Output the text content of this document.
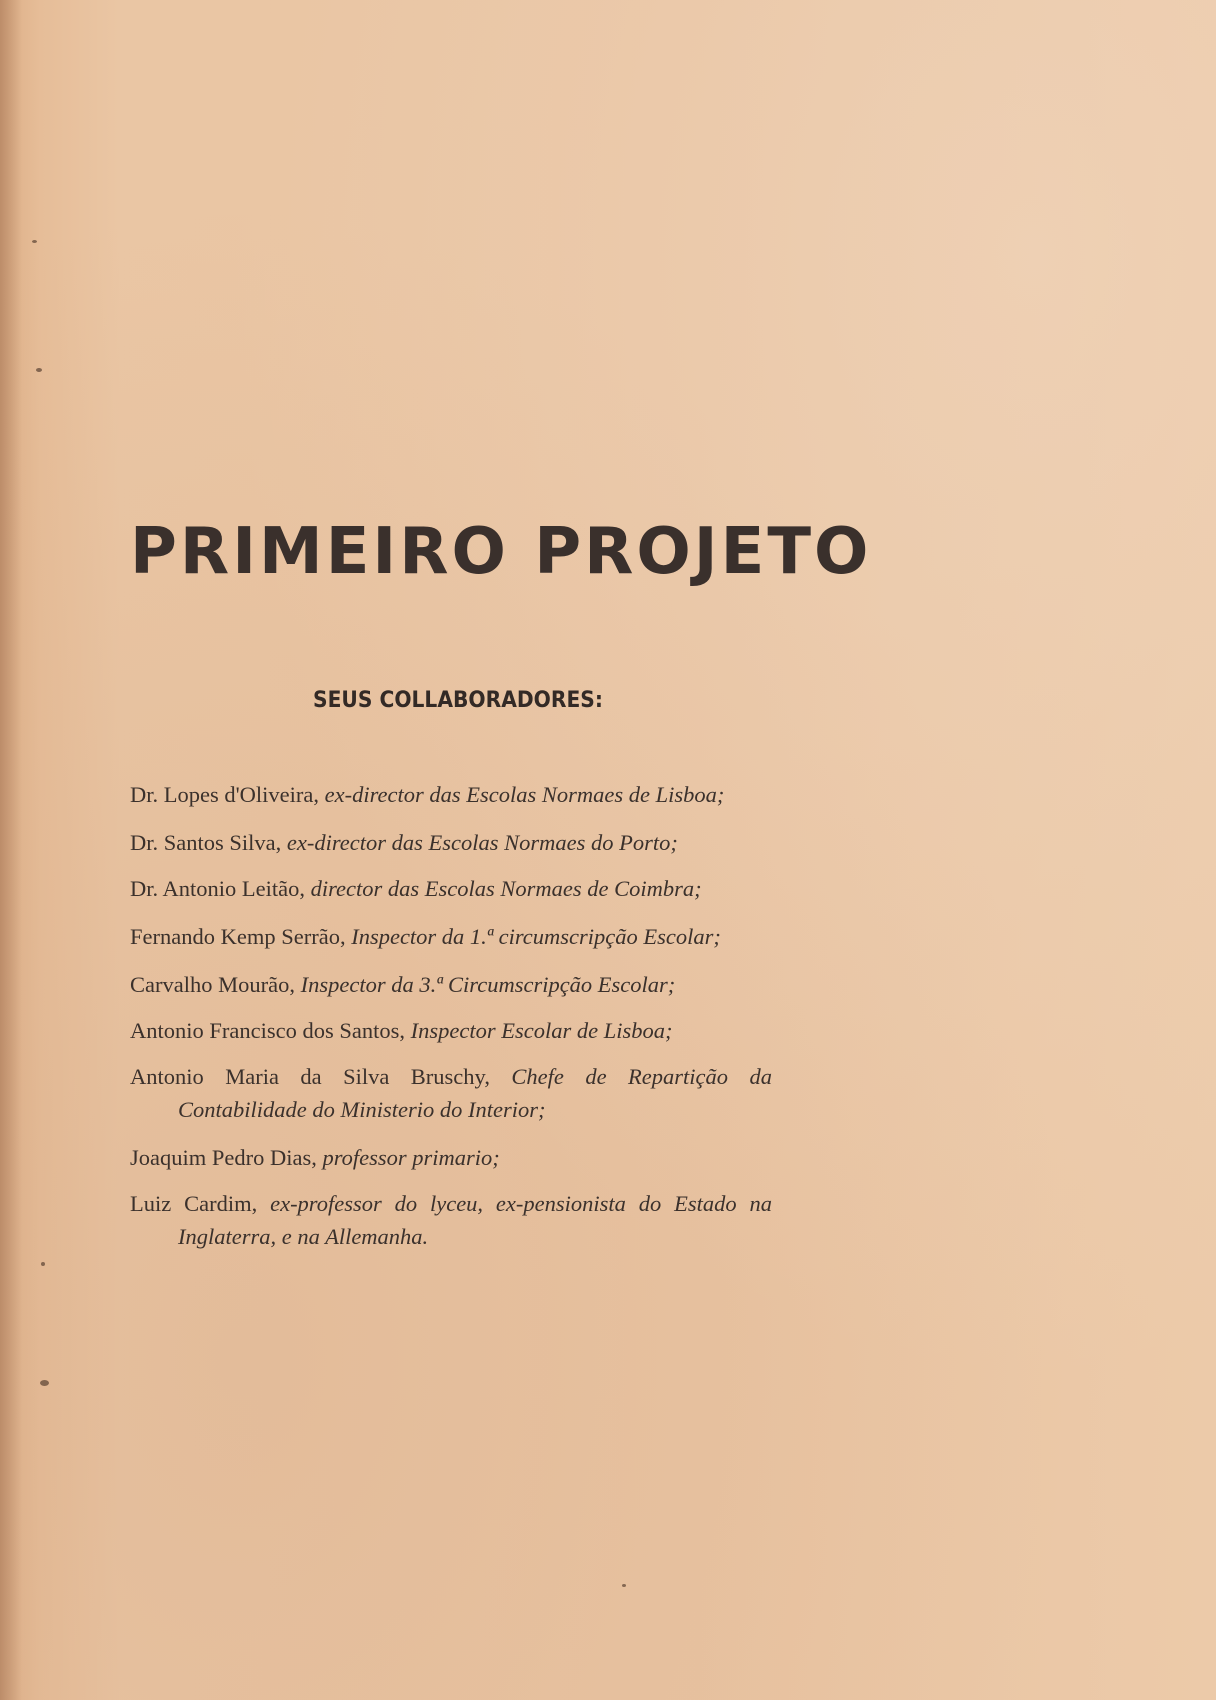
PRIMEIRO PROJETO
SEUS COLLABORADORES:
Dr. Lopes d'Oliveira, ex-director das Escolas Normaes de Lisboa;
Dr. Santos Silva, ex-director das Escolas Normaes do Porto;
Dr. Antonio Leitão, director das Escolas Normaes de Coimbra;
Fernando Kemp Serrão, Inspector da 1.ª circumscripção Escolar;
Carvalho Mourão, Inspector da 3.ª Circumscripção Escolar;
Antonio Francisco dos Santos, Inspector Escolar de Lisboa;
Antonio Maria da Silva Bruschy, Chefe de Repartição da Contabilidade do Ministerio do Interior;
Joaquim Pedro Dias, professor primario;
Luiz Cardim, ex-professor do lyceu, ex-pensionista do Estado na Inglaterra, e na Allemanha.
